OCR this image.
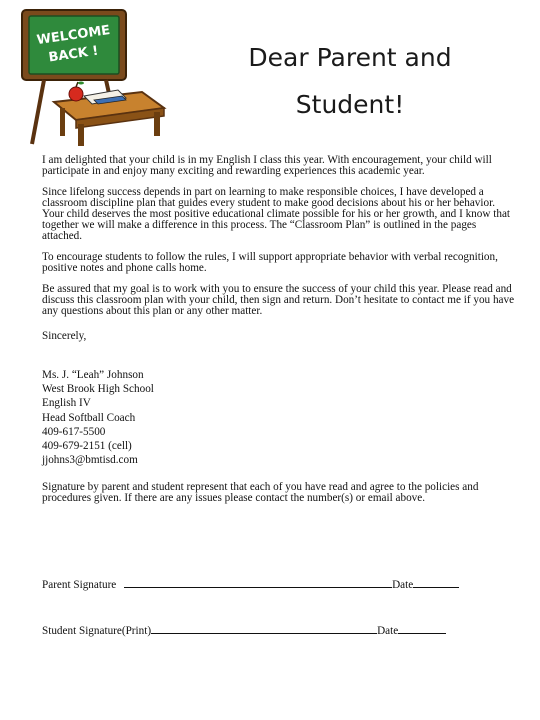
WELCOME
BACK !	Dear Parent and
Student!

I am delighted that your child is in my English I class this year. With encouragement, your child will participate in and enjoy many exciting and rewarding experiences this academic year.

Since lifelong success depends in part on learning to make responsible choices, I have developed a classroom discipline plan that guides every student to make good decisions about his or her behavior. Your child deserves the most positive educational climate possible for his or her growth, and I know that together we will make a difference in this process. The “Classroom Plan” is outlined in the pages attached.

To encourage students to follow the rules, I will support appropriate behavior with verbal recognition, positive notes and phone calls home.

Be assured that my goal is to work with you to ensure the success of your child this year. Please read and discuss this classroom plan with your child, then sign and return. Don’t hesitate to contact me if you have any questions about this plan or any other matter.

Sincerely,

Ms. J. “Leah” Johnson
West Brook High School
English IV
Head Softball Coach
409-617-5500
409-679-2151 (cell)
jjohns3@bmtisd.com

Signature by parent and student represent that each of you have read and agree to the policies and procedures given. If there are any issues please contact the number(s) or email above.

Parent Signature	Date
Student Signature(Print)	Date
